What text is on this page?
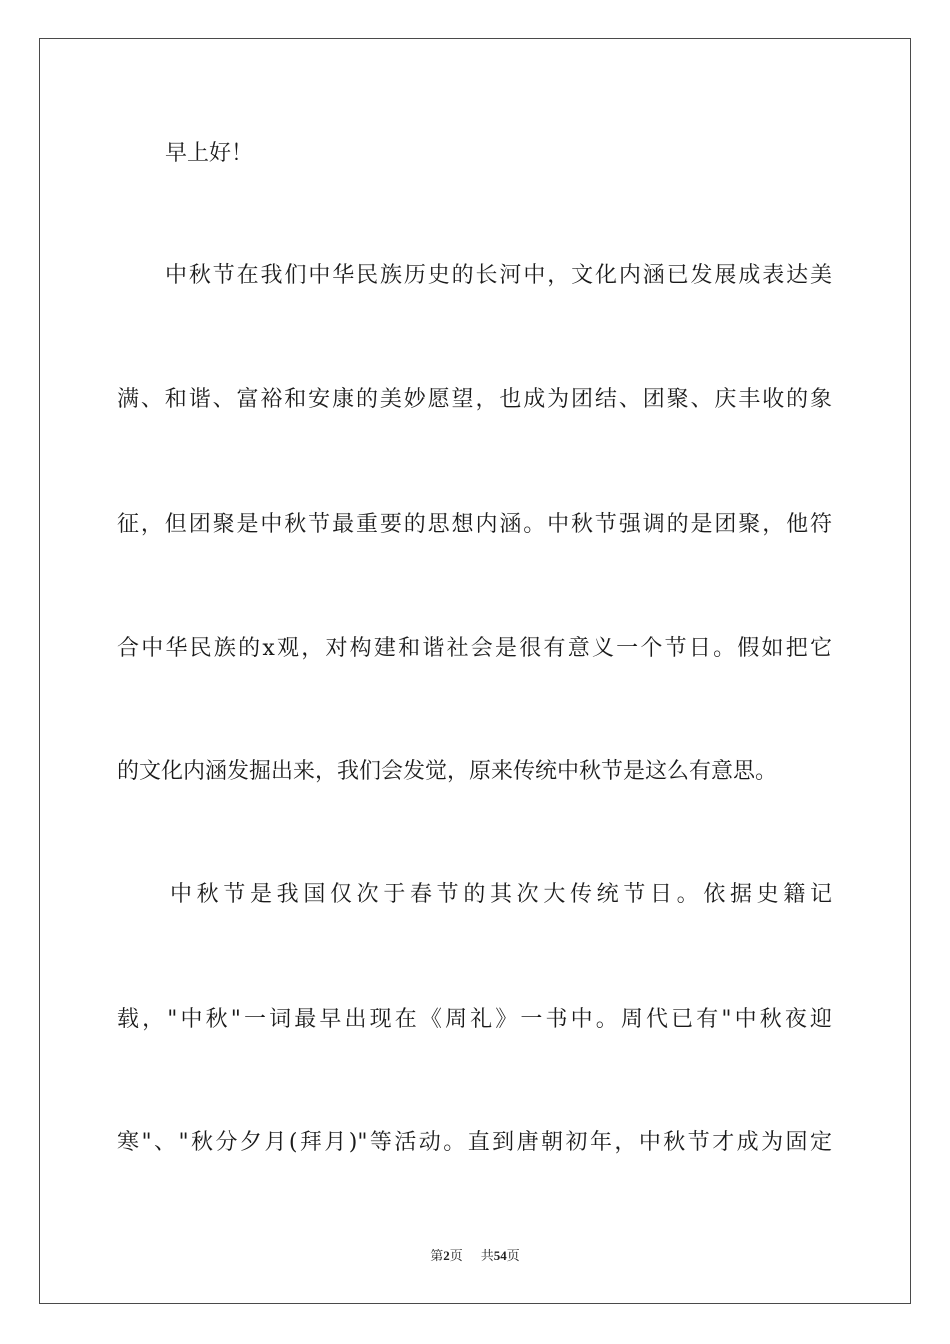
早上好！
中秋节在我们中华民族历史的长河中，文化内涵已发展成表达美
满、和谐、富裕和安康的美妙愿望，也成为团结、团聚、庆丰收的象
征，但团聚是中秋节最重要的思想内涵。中秋节强调的是团聚，他符
合中华民族的x观，对构建和谐社会是很有意义一个节日。假如把它
的文化内涵发掘出来，我们会发觉，原来传统中秋节是这么有意思。
中秋节是我国仅次于春节的其次大传统节日。依据史籍记
载，"中秋"一词最早出现在《周礼》一书中。周代已有"中秋夜迎
寒"、"秋分夕月(拜月)"等活动。直到唐朝初年，中秋节才成为固定
第2页 共54页
